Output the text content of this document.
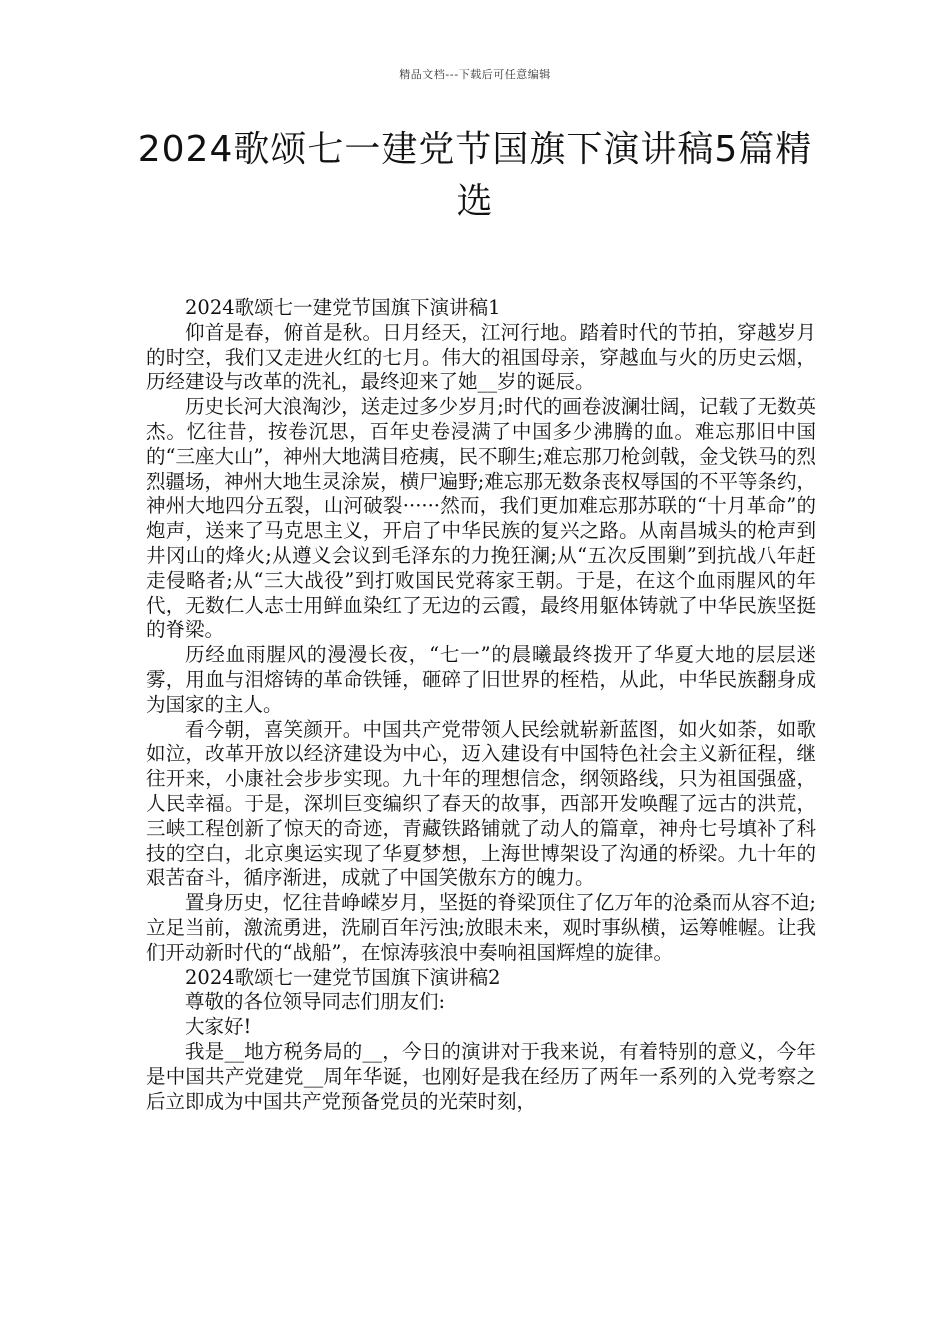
精品文档---下载后可任意编辑
2024歌颂七一建党节国旗下演讲稿5篇精选

2024歌颂七一建党节国旗下演讲稿1

仰首是春，俯首是秋。日月经天，江河行地。踏着时代的节拍，穿越岁月的时空，我们又走进火红的七月。伟大的祖国母亲，穿越血与火的历史云烟，历经建设与改革的洗礼，最终迎来了她__岁的诞辰。

历史长河大浪淘沙，送走过多少岁月;时代的画卷波澜壮阔，记载了无数英杰。忆往昔，按卷沉思，百年史卷浸满了中国多少沸腾的血。难忘那旧中国的“三座大山”，神州大地满目疮痍，民不聊生;难忘那刀枪剑戟，金戈铁马的烈烈疆场，神州大地生灵涂炭，横尸遍野;难忘那无数条丧权辱国的不平等条约，神州大地四分五裂，山河破裂······然而，我们更加难忘那苏联的“十月革命”的炮声，送来了马克思主义，开启了中华民族的复兴之路。从南昌城头的枪声到井冈山的烽火;从遵义会议到毛泽东的力挽狂澜;从“五次反围剿”到抗战八年赶走侵略者;从“三大战役”到打败国民党蒋家王朝。于是，在这个血雨腥风的年代，无数仁人志士用鲜血染红了无边的云霞，最终用躯体铸就了中华民族坚挺的脊梁。

历经血雨腥风的漫漫长夜，“七一”的晨曦最终拨开了华夏大地的层层迷雾，用血与泪熔铸的革命铁锤，砸碎了旧世界的桎梏，从此，中华民族翻身成为国家的主人。

看今朝，喜笑颜开。中国共产党带领人民绘就崭新蓝图，如火如荼，如歌如泣，改革开放以经济建设为中心，迈入建设有中国特色社会主义新征程，继往开来，小康社会步步实现。九十年的理想信念，纲领路线，只为祖国强盛，人民幸福。于是，深圳巨变编织了春天的故事，西部开发唤醒了远古的洪荒，三峡工程创新了惊天的奇迹，青藏铁路铺就了动人的篇章，神舟七号填补了科技的空白，北京奥运实现了华夏梦想，上海世博架设了沟通的桥梁。九十年的艰苦奋斗，循序渐进，成就了中国笑傲东方的魄力。

置身历史，忆往昔峥嵘岁月，坚挺的脊梁顶住了亿万年的沧桑而从容不迫;立足当前，激流勇进，洗刷百年污浊;放眼未来，观时事纵横，运筹帷幄。让我们开动新时代的“战船”，在惊涛骇浪中奏响祖国辉煌的旋律。

2024歌颂七一建党节国旗下演讲稿2

尊敬的各位领导同志们朋友们:

大家好!

我是__地方税务局的__，今日的演讲对于我来说，有着特别的意义，今年是中国共产党建党__周年华诞，也刚好是我在经历了两年一系列的入党考察之后立即成为中国共产党预备党员的光荣时刻，
